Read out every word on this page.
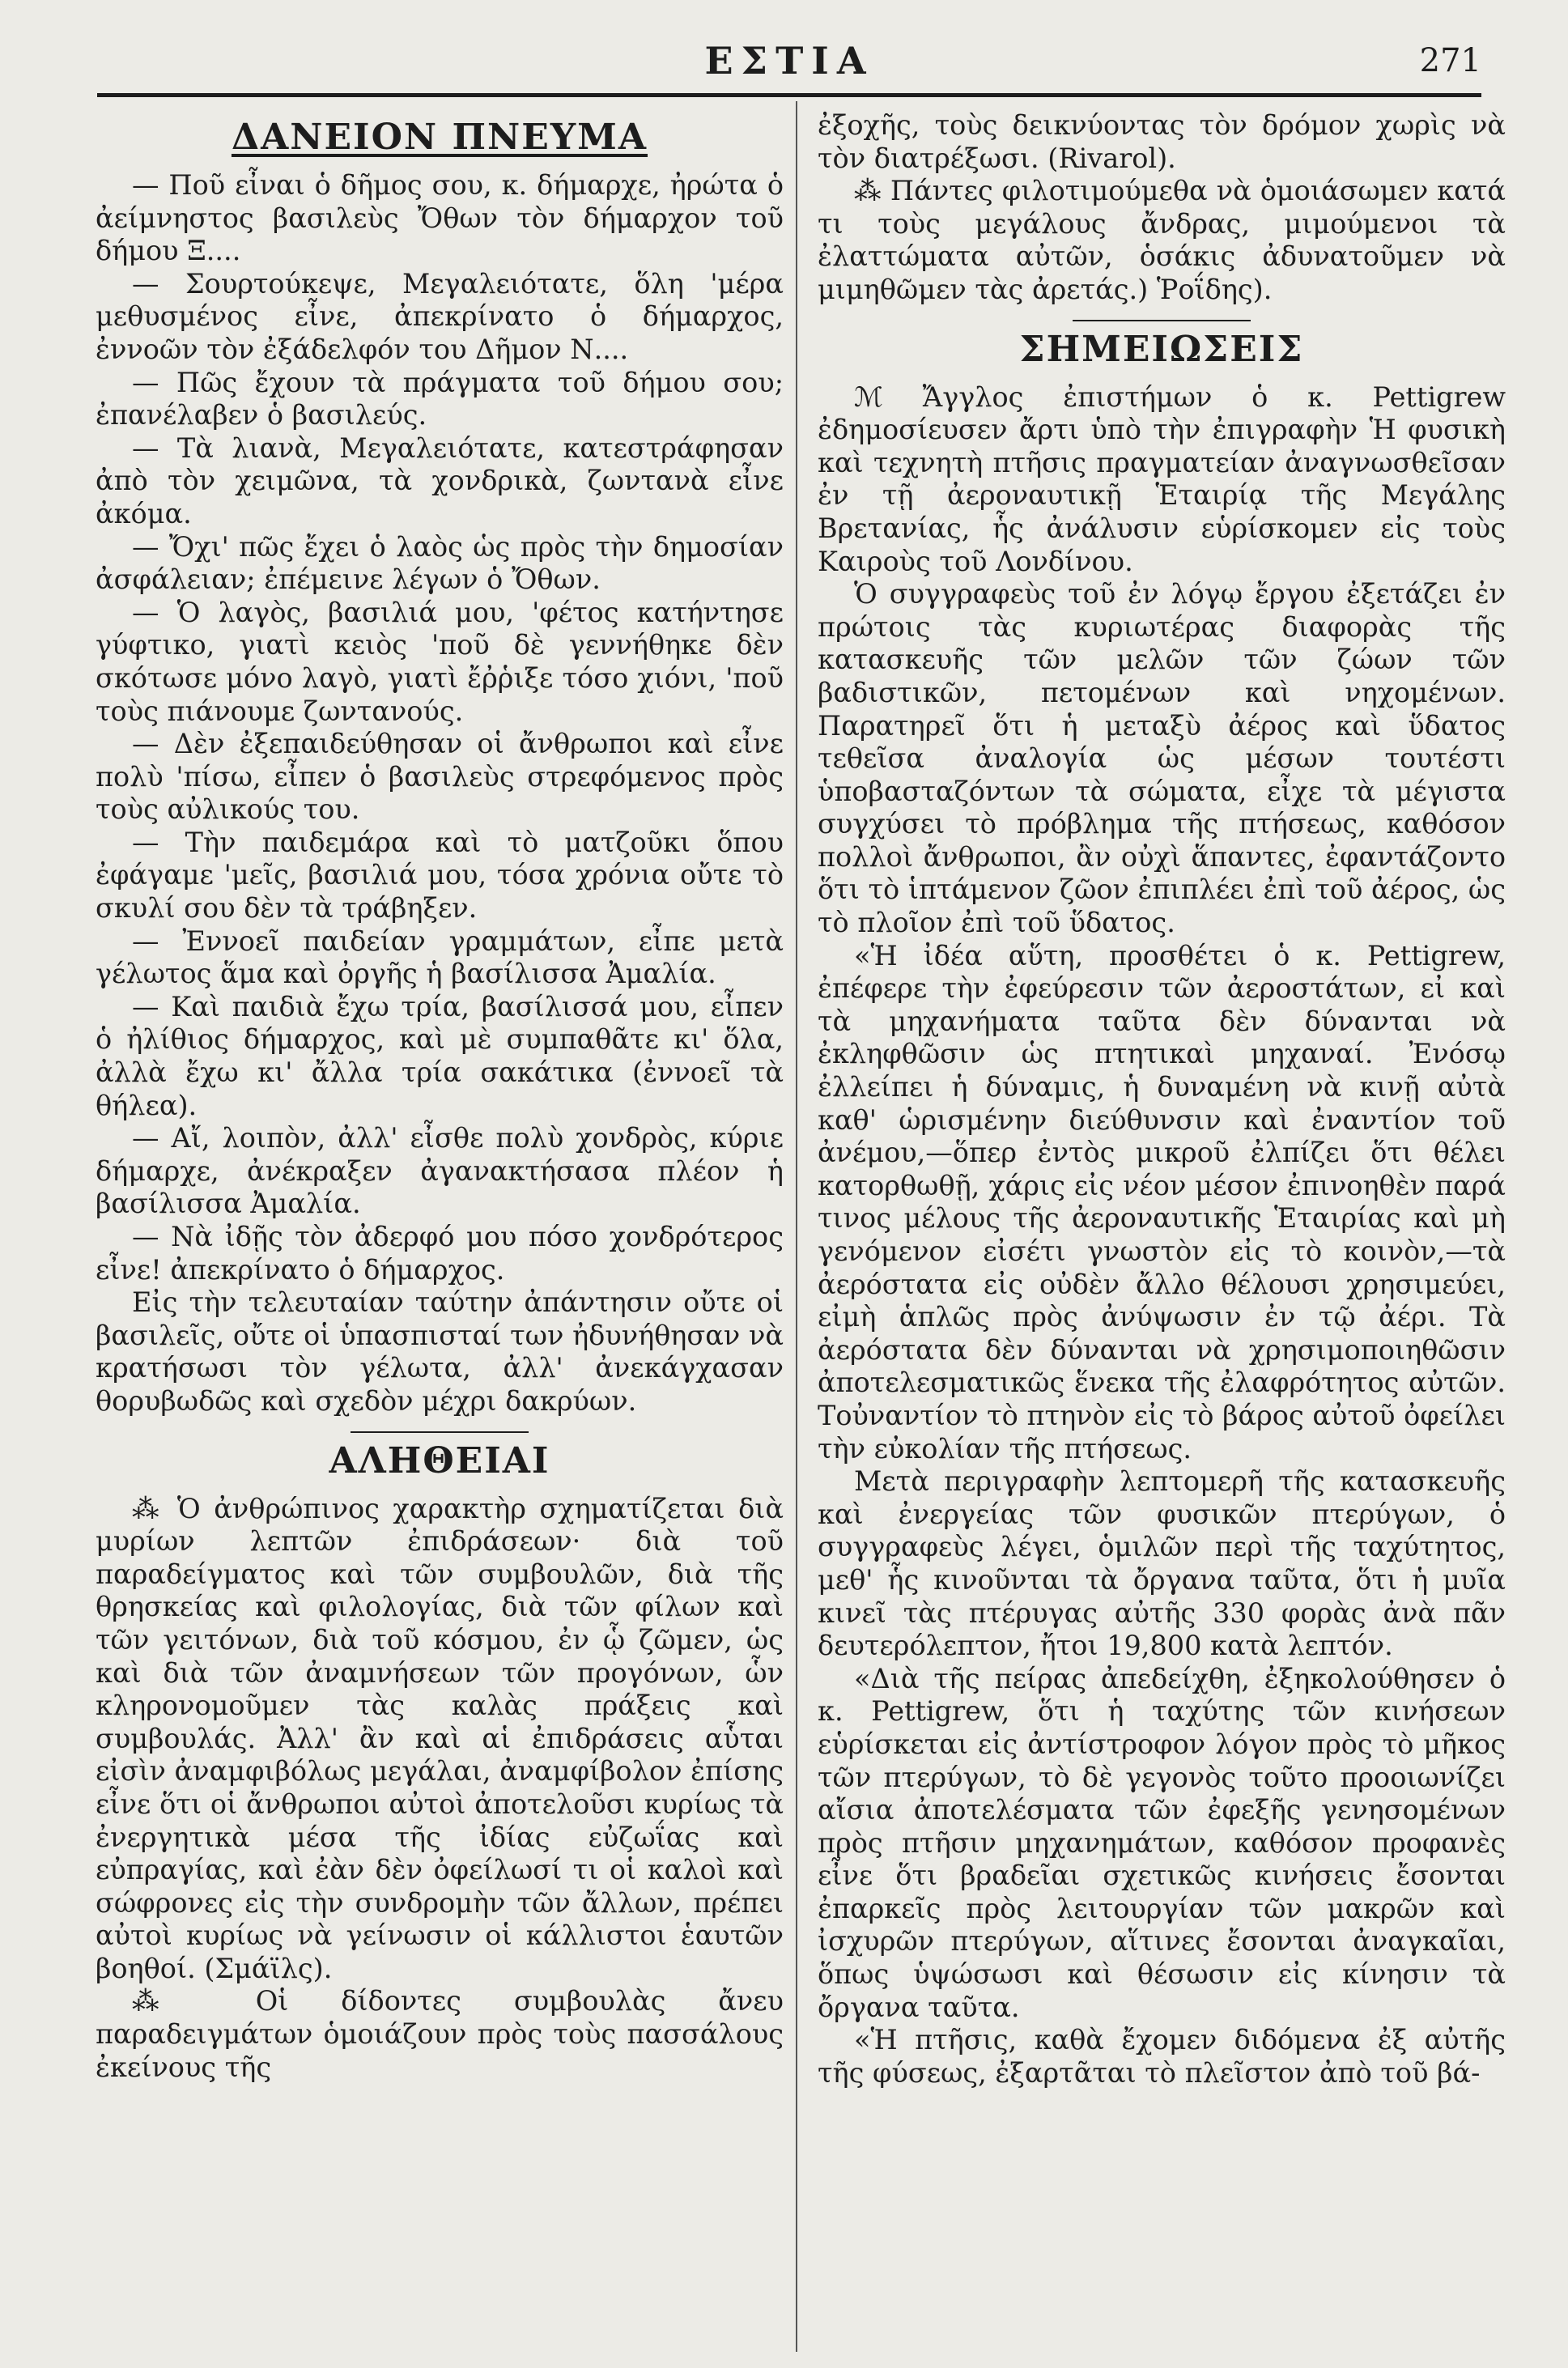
ΕΣΤΙΑ	271
ΔΑΝΕΙΟΝ ΠΝΕΥΜΑ

— Ποῦ εἶναι ὁ δῆμος σου, κ. δήμαρχε, ἠρώτα ὁ ἀείμνηστος βασιλεὺς Ὄθων τὸν δήμαρχον τοῦ δήμου Ξ....

— Σουρτούκεψε, Μεγαλειότατε, ὅλη 'μέρα μεθυσμένος εἶνε, ἀπεκρίνατο ὁ δήμαρχος, ἐννοῶν τὸν ἐξάδελφόν του Δῆμον Ν....

— Πῶς ἔχουν τὰ πράγματα τοῦ δήμου σου; ἐπανέλαβεν ὁ βασιλεύς.

— Τὰ λιανὰ, Μεγαλειότατε, κατεστράφησαν ἀπὸ τὸν χειμῶνα, τὰ χονδρικὰ, ζωντανὰ εἶνε ἀκόμα.

— Ὄχι' πῶς ἔχει ὁ λαὸς ὡς πρὸς τὴν δημοσίαν ἀσφάλειαν; ἐπέμεινε λέγων ὁ Ὄθων.

— Ὁ λαγὸς, βασιλιά μου, 'φέτος κατήντησε γύφτικο, γιατὶ κειὸς 'ποῦ δὲ γεννήθηκε δὲν σκότωσε μόνο λαγὸ, γιατὶ ἔῤῥιξε τόσο χιόνι, 'ποῦ τοὺς πιάνουμε ζωντανούς.

— Δὲν ἐξεπαιδεύθησαν οἱ ἄνθρωποι καὶ εἶνε πολὺ 'πίσω, εἶπεν ὁ βασιλεὺς στρεφόμενος πρὸς τοὺς αὐλικούς του.

— Τὴν παιδεμάρα καὶ τὸ ματζοῦκι ὅπου ἐφάγαμε 'μεῖς, βασιλιά μου, τόσα χρόνια οὔτε τὸ σκυλί σου δὲν τὰ τράβηξεν.

— Ἐννοεῖ παιδείαν γραμμάτων, εἶπε μετὰ γέλωτος ἅμα καὶ ὀργῆς ἡ βασίλισσα Ἀμαλία.

— Καὶ παιδιὰ ἔχω τρία, βασίλισσά μου, εἶπεν ὁ ἠλίθιος δήμαρχος, καὶ μὲ συμπαθᾶτε κι' ὅλα, ἀλλὰ ἔχω κι' ἄλλα τρία σακάτικα (ἐννοεῖ τὰ θήλεα).

— Αἴ, λοιπὸν, ἀλλ' εἶσθε πολὺ χονδρὸς, κύριε δήμαρχε, ἀνέκραξεν ἀγανακτήσασα πλέον ἡ βασίλισσα Ἀμαλία.

— Νὰ ἰδῇς τὸν ἀδερφό μου πόσο χονδρότερος εἶνε! ἀπεκρίνατο ὁ δήμαρχος.

Εἰς τὴν τελευταίαν ταύτην ἀπάντησιν οὔτε οἱ βασιλεῖς, οὔτε οἱ ὑπασπισταί των ἠδυνήθησαν νὰ κρατήσωσι τὸν γέλωτα, ἀλλ' ἀνεκάγχασαν θορυβωδῶς καὶ σχεδὸν μέχρι δακρύων.

ΑΛΗΘΕΙΑΙ

⁂ Ὁ ἀνθρώπινος χαρακτὴρ σχηματίζεται διὰ μυρίων λεπτῶν ἐπιδράσεων· διὰ τοῦ παραδείγματος καὶ τῶν συμβουλῶν, διὰ τῆς θρησκείας καὶ φιλολογίας, διὰ τῶν φίλων καὶ τῶν γειτόνων, διὰ τοῦ κόσμου, ἐν ᾧ ζῶμεν, ὡς καὶ διὰ τῶν ἀναμνήσεων τῶν προγόνων, ὧν κληρονομοῦμεν τὰς καλὰς πράξεις καὶ συμβουλάς. Ἀλλ' ἂν καὶ αἱ ἐπιδράσεις αὗται εἰσὶν ἀναμφιβόλως μεγάλαι, ἀναμφίβολον ἐπίσης εἶνε ὅτι οἱ ἄνθρωποι αὐτοὶ ἀποτελοῦσι κυρίως τὰ ἐνεργητικὰ μέσα τῆς ἰδίας εὐζωΐας καὶ εὐπραγίας, καὶ ἐὰν δὲν ὀφείλωσί τι οἱ καλοὶ καὶ σώφρονες εἰς τὴν συνδρομὴν τῶν ἄλλων, πρέπει αὐτοὶ κυρίως νὰ γείνωσιν οἱ κάλλιστοι ἑαυτῶν βοηθοί. (Σμάϊλς).

⁂ Οἱ δίδοντες συμβουλὰς ἄνευ παραδειγμάτων ὁμοιάζουν πρὸς τοὺς πασσάλους ἐκείνους τῆς

ἐξοχῆς, τοὺς δεικνύοντας τὸν δρόμον χωρὶς νὰ τὸν διατρέξωσι. (Rivarol).

⁂ Πάντες φιλοτιμούμεθα νὰ ὁμοιάσωμεν κατά τι τοὺς μεγάλους ἄνδρας, μιμούμενοι τὰ ἐλαττώματα αὐτῶν, ὁσάκις ἀδυνατοῦμεν νὰ μιμηθῶμεν τὰς ἀρετάς.) Ῥοΐδης).

ΣΗΜΕΙΩΣΕΙΣ

ℳ Ἄγγλος ἐπιστήμων ὁ κ. Pettigrew ἐδημοσίευσεν ἄρτι ὑπὸ τὴν ἐπιγραφὴν Ἡ φυσικὴ καὶ τεχνητὴ πτῆσις πραγματείαν ἀναγνωσθεῖσαν ἐν τῇ ἀεροναυτικῇ Ἑταιρίᾳ τῆς Μεγάλης Βρετανίας, ἧς ἀνάλυσιν εὑρίσκομεν εἰς τοὺς Καιροὺς τοῦ Λονδίνου.

Ὁ συγγραφεὺς τοῦ ἐν λόγῳ ἔργου ἐξετάζει ἐν πρώτοις τὰς κυριωτέρας διαφορὰς τῆς κατασκευῆς τῶν μελῶν τῶν ζώων τῶν βαδιστικῶν, πετομένων καὶ νηχομένων. Παρατηρεῖ ὅτι ἡ μεταξὺ ἀέρος καὶ ὕδατος τεθεῖσα ἀναλογία ὡς μέσων τουτέστι ὑποβασταζόντων τὰ σώματα, εἶχε τὰ μέγιστα συγχύσει τὸ πρόβλημα τῆς πτήσεως, καθόσον πολλοὶ ἄνθρωποι, ἂν οὐχὶ ἅπαντες, ἐφαντάζοντο ὅτι τὸ ἱπτάμενον ζῶον ἐπιπλέει ἐπὶ τοῦ ἀέρος, ὡς τὸ πλοῖον ἐπὶ τοῦ ὕδατος.

«Ἡ ἰδέα αὕτη, προσθέτει ὁ κ. Pettigrew, ἐπέφερε τὴν ἐφεύρεσιν τῶν ἀεροστάτων, εἰ καὶ τὰ μηχανήματα ταῦτα δὲν δύνανται νὰ ἐκληφθῶσιν ὡς πτητικαὶ μηχαναί. Ἐνόσῳ ἐλλείπει ἡ δύναμις, ἡ δυναμένη νὰ κινῇ αὐτὰ καθ' ὡρισμένην διεύθυνσιν καὶ ἐναντίον τοῦ ἀνέμου,—ὅπερ ἐντὸς μικροῦ ἐλπίζει ὅτι θέλει κατορθωθῇ, χάρις εἰς νέον μέσον ἐπινοηθὲν παρά τινος μέλους τῆς ἀεροναυτικῆς Ἑταιρίας καὶ μὴ γενόμενον εἰσέτι γνωστὸν εἰς τὸ κοινὸν,—τὰ ἀερόστατα εἰς οὐδὲν ἄλλο θέλουσι χρησιμεύει, εἰμὴ ἁπλῶς πρὸς ἀνύψωσιν ἐν τῷ ἀέρι. Τὰ ἀερόστατα δὲν δύνανται νὰ χρησιμοποιηθῶσιν ἀποτελεσματικῶς ἕνεκα τῆς ἐλαφρότητος αὐτῶν. Τοὐναντίον τὸ πτηνὸν εἰς τὸ βάρος αὐτοῦ ὀφείλει τὴν εὐκολίαν τῆς πτήσεως.

Μετὰ περιγραφὴν λεπτομερῆ τῆς κατασκευῆς καὶ ἐνεργείας τῶν φυσικῶν πτερύγων, ὁ συγγραφεὺς λέγει, ὁμιλῶν περὶ τῆς ταχύτητος, μεθ' ἧς κινοῦνται τὰ ὄργανα ταῦτα, ὅτι ἡ μυῖα κινεῖ τὰς πτέρυγας αὐτῆς 330 φορὰς ἀνὰ πᾶν δευτερόλεπτον, ἤτοι 19,800 κατὰ λεπτόν.

«Διὰ τῆς πείρας ἀπεδείχθη, ἐξηκολούθησεν ὁ κ. Pettigrew, ὅτι ἡ ταχύτης τῶν κινήσεων εὑρίσκεται εἰς ἀντίστροφον λόγον πρὸς τὸ μῆκος τῶν πτερύγων, τὸ δὲ γεγονὸς τοῦτο προοιωνίζει αἴσια ἀποτελέσματα τῶν ἐφεξῆς γενησομένων πρὸς πτῆσιν μηχανημάτων, καθόσον προφανὲς εἶνε ὅτι βραδεῖαι σχετικῶς κινήσεις ἔσονται ἐπαρκεῖς πρὸς λειτουργίαν τῶν μακρῶν καὶ ἰσχυρῶν πτερύγων, αἵτινες ἔσονται ἀναγκαῖαι, ὅπως ὑψώσωσι καὶ θέσωσιν εἰς κίνησιν τὰ ὄργανα ταῦτα.

«Ἡ πτῆσις, καθὰ ἔχομεν διδόμενα ἐξ αὐτῆς τῆς φύσεως, ἐξαρτᾶται τὸ πλεῖστον ἀπὸ τοῦ βά-
